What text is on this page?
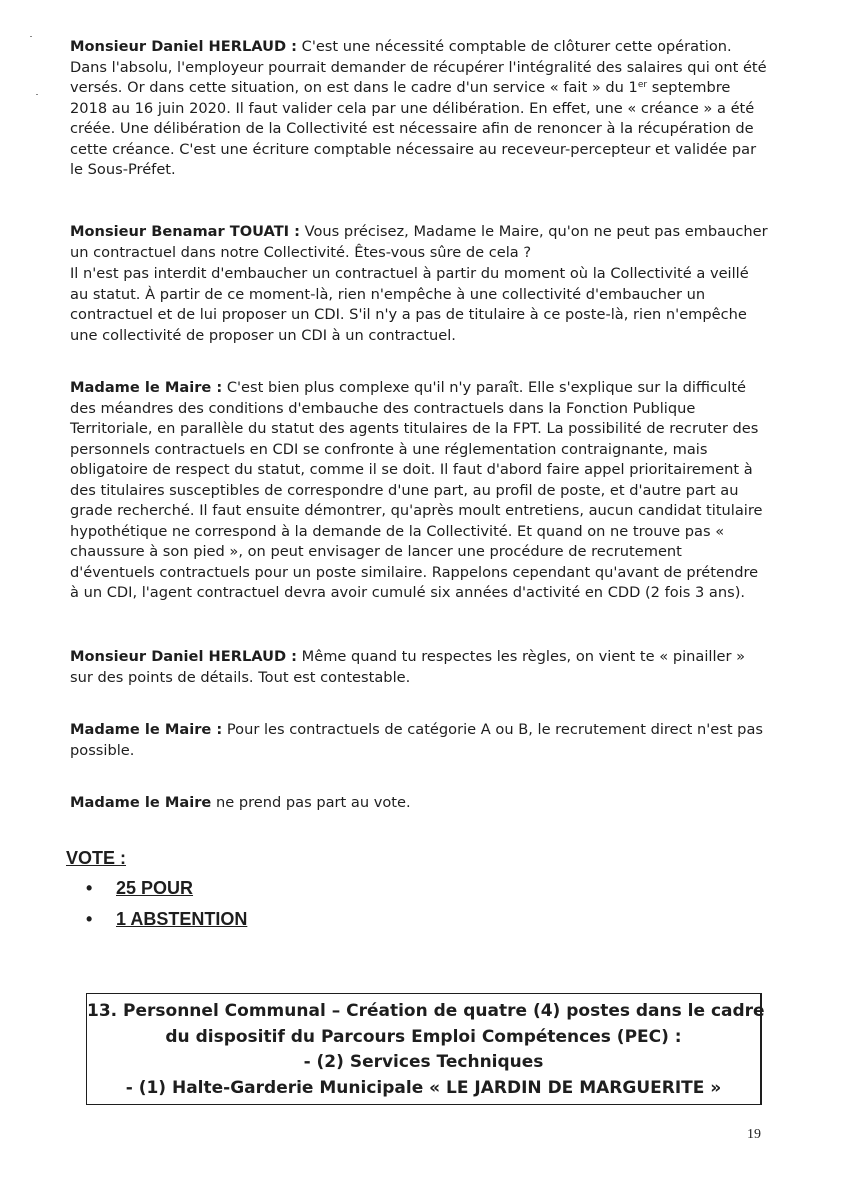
Monsieur Daniel HERLAUD : C'est une nécessité comptable de clôturer cette opération. Dans l'absolu, l'employeur pourrait demander de récupérer l'intégralité des salaires qui ont été versés. Or dans cette situation, on est dans le cadre d'un service « fait » du 1er septembre 2018 au 16 juin 2020. Il faut valider cela par une délibération. En effet, une « créance » a été créée. Une délibération de la Collectivité est nécessaire afin de renoncer à la récupération de cette créance. C'est une écriture comptable nécessaire au receveur-percepteur et validée par le Sous-Préfet.

Monsieur Benamar TOUATI : Vous précisez, Madame le Maire, qu'on ne peut pas embaucher un contractuel dans notre Collectivité. Êtes-vous sûre de cela ?

Il n'est pas interdit d'embaucher un contractuel à partir du moment où la Collectivité a veillé au statut. À partir de ce moment-là, rien n'empêche à une collectivité d'embaucher un contractuel et de lui proposer un CDI. S'il n'y a pas de titulaire à ce poste-là, rien n'empêche une collectivité de proposer un CDI à un contractuel.

Madame le Maire : C'est bien plus complexe qu'il n'y paraît. Elle s'explique sur la difficulté des méandres des conditions d'embauche des contractuels dans la Fonction Publique Territoriale, en parallèle du statut des agents titulaires de la FPT. La possibilité de recruter des personnels contractuels en CDI se confronte à une réglementation contraignante, mais obligatoire de respect du statut, comme il se doit. Il faut d'abord faire appel prioritairement à des titulaires susceptibles de correspondre d'une part, au profil de poste, et d'autre part au grade recherché. Il faut ensuite démontrer, qu'après moult entretiens, aucun candidat titulaire hypothétique ne correspond à la demande de la Collectivité. Et quand on ne trouve pas « chaussure à son pied », on peut envisager de lancer une procédure de recrutement d'éventuels contractuels pour un poste similaire. Rappelons cependant qu'avant de prétendre à un CDI, l'agent contractuel devra avoir cumulé six années d'activité en CDD (2 fois 3 ans).

Monsieur Daniel HERLAUD : Même quand tu respectes les règles, on vient te « pinailler » sur des points de détails. Tout est contestable.

Madame le Maire : Pour les contractuels de catégorie A ou B, le recrutement direct n'est pas possible.

Madame le Maire ne prend pas part au vote.

VOTE :
• 25 POUR
• 1 ABSTENTION
13. Personnel Communal – Création de quatre (4) postes dans le cadre
du dispositif du Parcours Emploi Compétences (PEC) :
- (2) Services Techniques
- (1) Halte-Garderie Municipale « LE JARDIN DE MARGUERITE »
19
